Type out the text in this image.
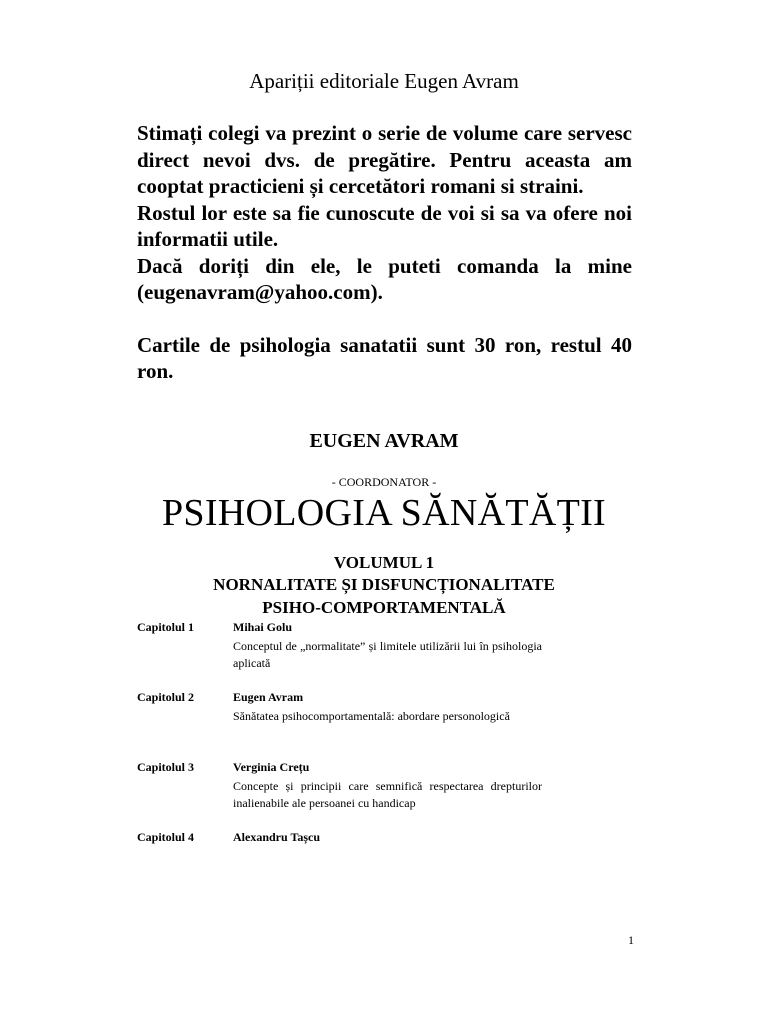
Apariții editoriale Eugen Avram

Stimați colegi va prezint o serie de volume care servesc direct nevoi dvs. de pregătire. Pentru aceasta am cooptat practicieni și cercetători romani si straini.

Rostul lor este sa fie cunoscute de voi si sa va ofere noi informatii utile.

Dacă doriți din ele, le puteti comanda la mine (eugenavram@yahoo.com).

Cartile de psihologia sanatatii sunt 30 ron, restul 40 ron.

EUGEN AVRAM
- COORDONATOR -
PSIHOLOGIA SĂNĂTĂȚII
VOLUMUL 1
NORNALITATE ȘI DISFUNCȚIONALITATE
PSIHO-COMPORTAMENTALĂ
Capitolul 1	Mihai Golu
Conceptul de „normalitate” și limitele utilizării lui în psihologia aplicată
Capitolul 2	Eugen Avram
Sănătatea psihocomportamentală: abordare personologică
Capitolul 3	Verginia Crețu
Concepte și principii care semnifică respectarea drepturilor inalienabile ale persoanei cu handicap
Capitolul 4	Alexandru Tașcu
1
